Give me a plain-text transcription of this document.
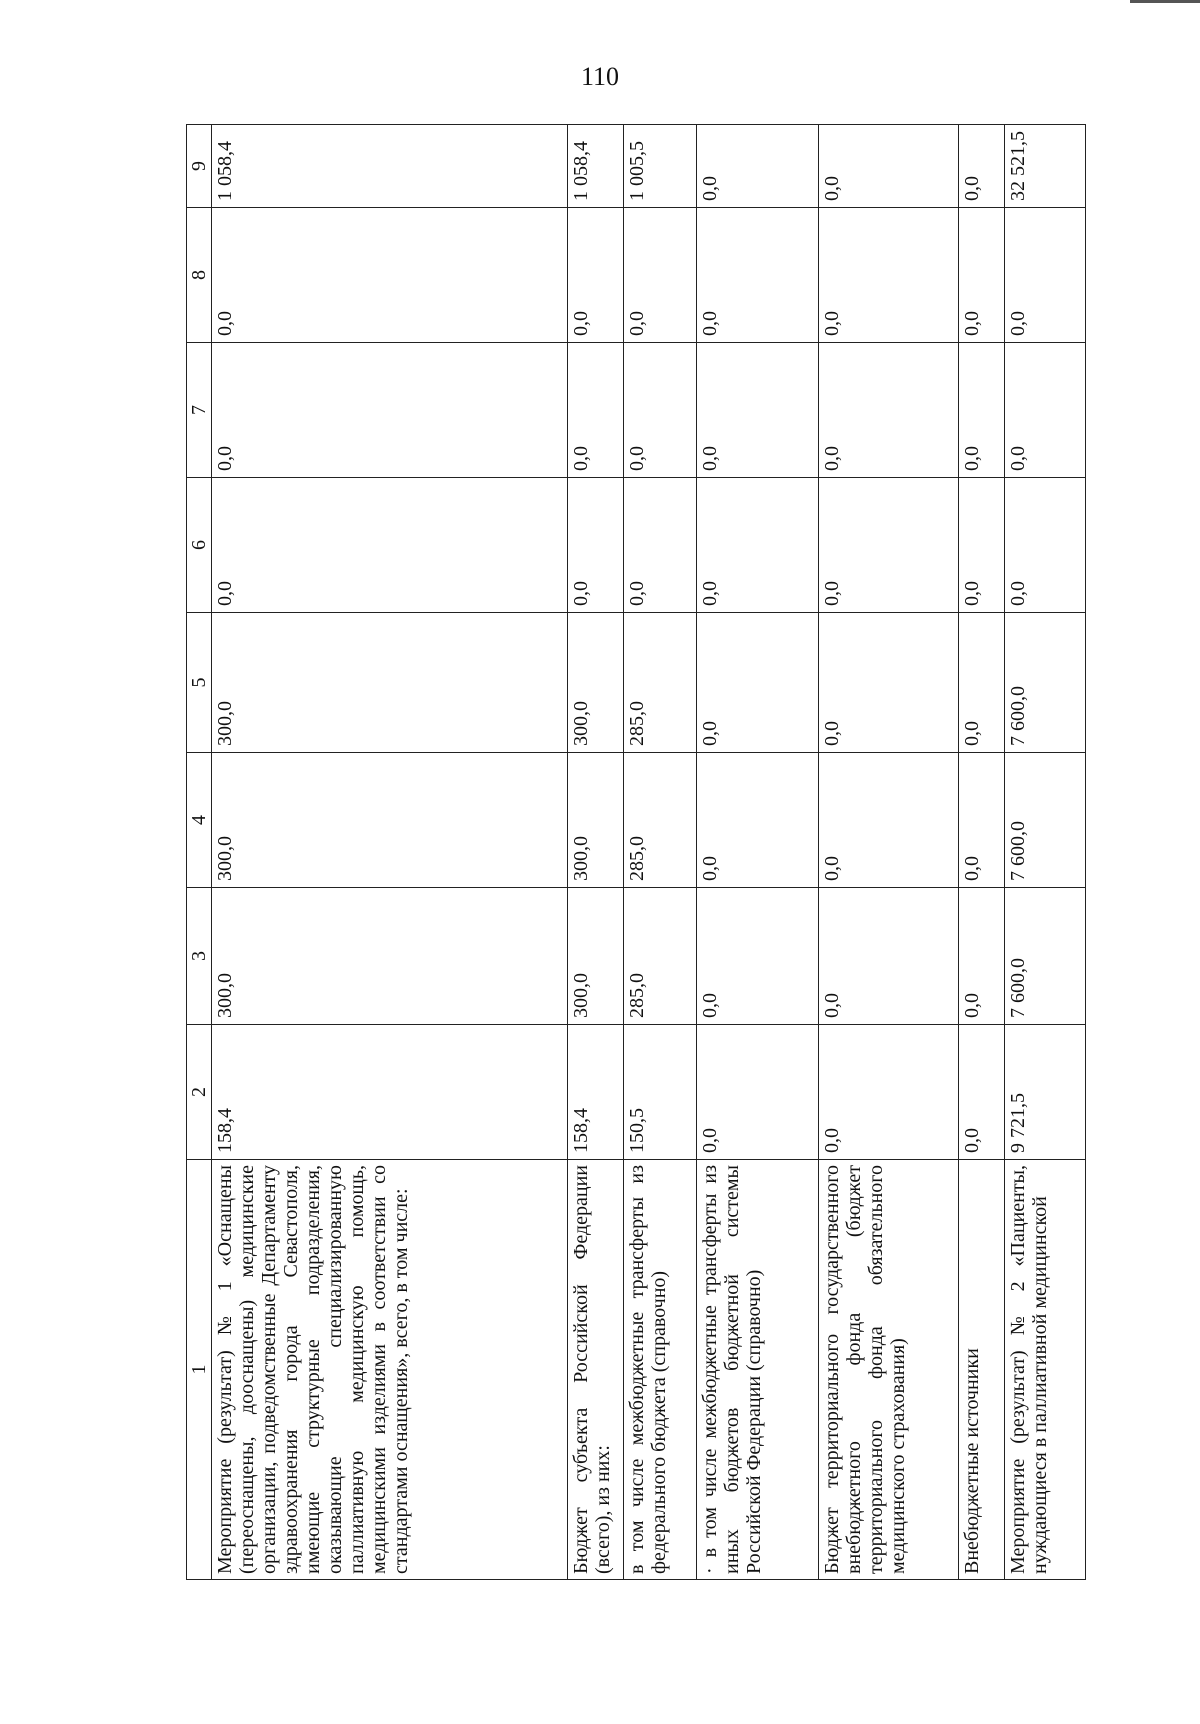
110
1	2	3	4	5	6	7	8	9
Мероприятие (результат) № 1 «Оснащены (переоснащены, дооснащены) медицинские организации, подведомственные Департаменту здравоохранения города Севастополя, имеющие структурные подразделения, оказывающие специализированную паллиативную медицинскую помощь, медицинскими изделиями в соответствии со стандартами оснащения», всего, в том числе:	158,4	300,0	300,0	300,0	0,0	0,0	0,0	1 058,4
Бюджет субъекта Российской Федерации (всего), из них:	158,4	300,0	300,0	300,0	0,0	0,0	0,0	1 058,4
в том числе межбюджетные трансферты из федерального бюджета (справочно)	150,5	285,0	285,0	285,0	0,0	0,0	0,0	1 005,5
· в том числе межбюджетные трансферты из иных бюджетов бюджетной системы Российской Федерации (справочно)	0,0	0,0	0,0	0,0	0,0	0,0	0,0	0,0
Бюджет территориального государственного внебюджетного фонда (бюджет территориального фонда обязательного медицинского страхования)	0,0	0,0	0,0	0,0	0,0	0,0	0,0	0,0
Внебюджетные источники	0,0	0,0	0,0	0,0	0,0	0,0	0,0	0,0
Мероприятие (результат) № 2 «Пациенты, нуждающиеся в паллиативной медицинской	9 721,5	7 600,0	7 600,0	7 600,0	0,0	0,0	0,0	32 521,5
